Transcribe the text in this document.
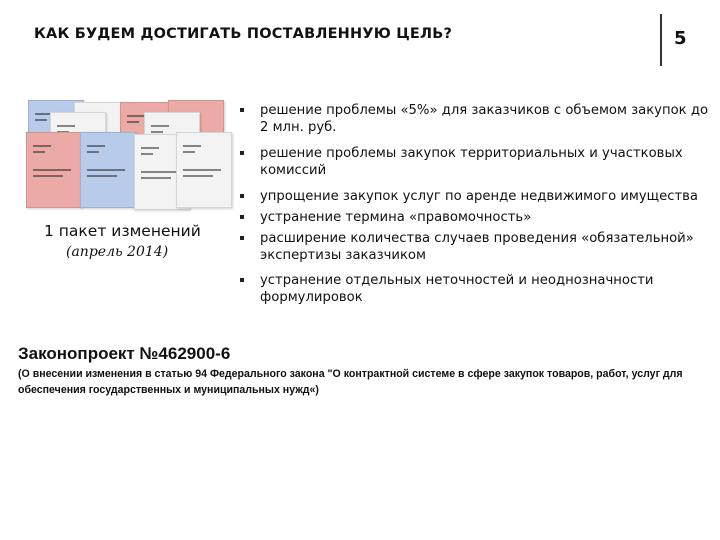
КАК БУДЕМ ДОСТИГАТЬ ПОСТАВЛЕННУЮ ЦЕЛЬ?	5
1 пакет изменений
(апрель 2014)
решение проблемы «5%» для заказчиков с объемом закупок до 2 млн. руб.
решение проблемы закупок территориальных и участковых комиссий
упрощение закупок услуг по аренде недвижимого имущества
устранение термина «правомочность»
расширение количества случаев проведения «обязательной» экспертизы заказчиком
устранение отдельных неточностей и неоднозначности формулировок
Законопроект №462900-6
(О внесении изменения в статью 94 Федерального закона "О контрактной системе в сфере закупок товаров, работ, услуг для обеспечения государственных и муниципальных нужд«)
